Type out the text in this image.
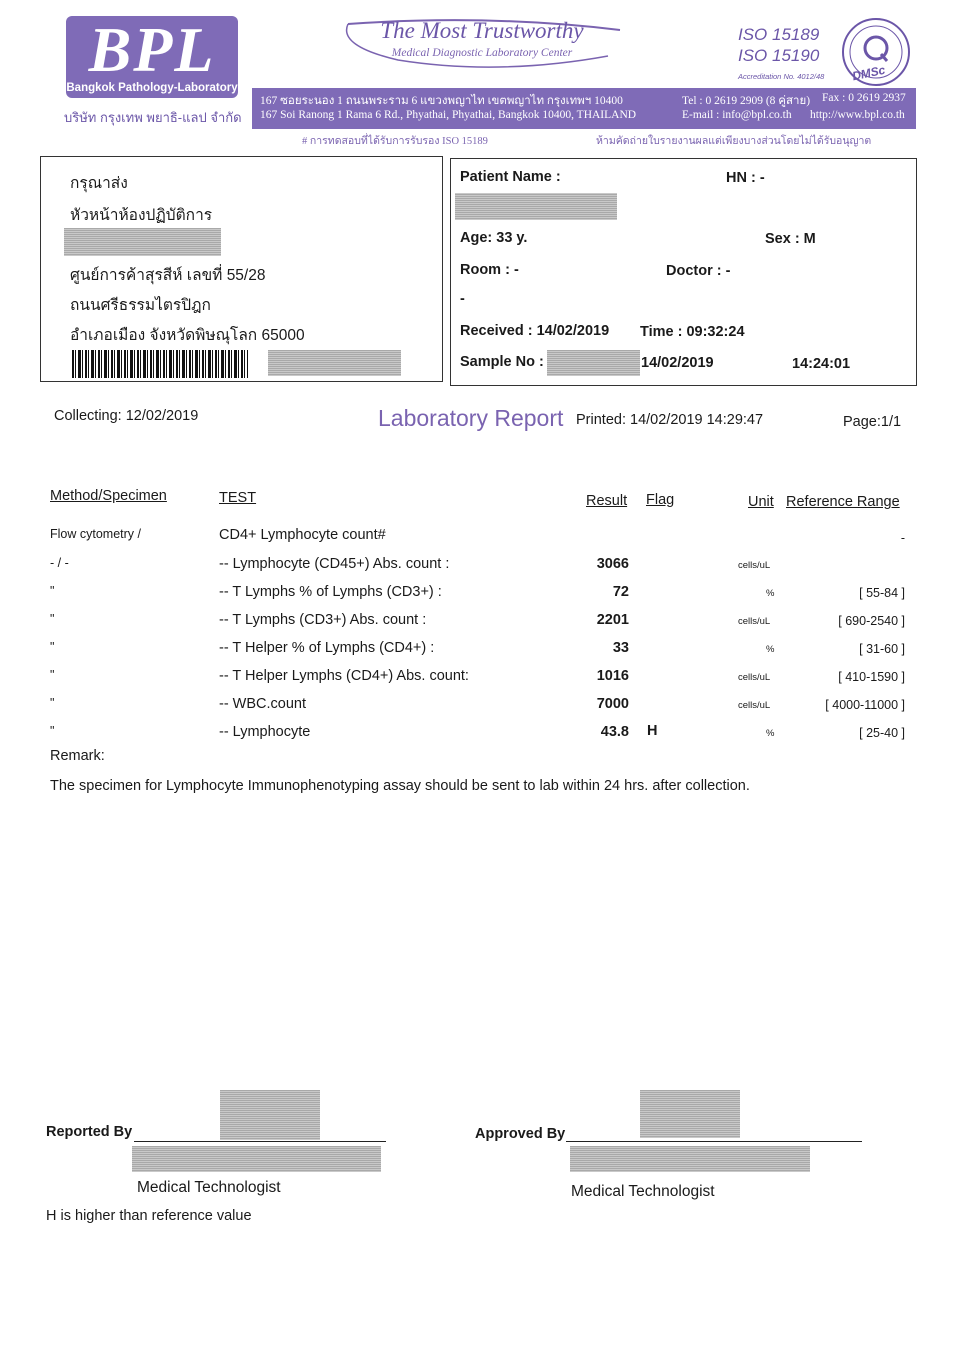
BPL
Bangkok Pathology-Laboratory
บริษัท กรุงเทพ พยาธิ-แลป จำกัด
The Most Trustworthy
Medical Diagnostic Laboratory Center
ISO 15189
ISO 15190
Accreditation No. 4012/48 DMSc
167 ซอยระนอง 1 ถนนพระราม 6 แขวงพญาไท เขตพญาไท กรุงเทพฯ 10400	Tel : 0 2619 2909 (8 คู่สาย) Fax : 0 2619 2937
167 Soi Ranong 1 Rama 6 Rd., Phyathai, Phyathai, Bangkok 10400, THAILAND	E-mail : info@bpl.co.th http://www.bpl.co.th
# การทดสอบที่ได้รับการรับรอง ISO 15189	ห้ามคัดถ่ายใบรายงานผลแต่เพียงบางส่วนโดยไม่ได้รับอนุญาต
กรุณาส่ง
หัวหน้าห้องปฏิบัติการ
ศูนย์การค้าสุรสีห์ เลขที่ 55/28
ถนนศรีธรรมไตรปิฎก
อำเภอเมือง จังหวัดพิษณุโลก 65000
Patient Name :	HN : -
Age: 33 y.	Sex : M
Room : -	Doctor : -
-
Received : 14/02/2019 Time : 09:32:24
Sample No :	14/02/2019	14:24:01
Collecting: 12/02/2019	Laboratory Report Printed: 14/02/2019 14:29:47	Page:1/1
Method/Specimen	TEST	Result Flag	Unit Reference Range
Flow cytometry /	CD4+ Lymphocyte count#	-
- / -	-- Lymphocyte (CD45+) Abs. count :	3066	cells/uL
"	-- T Lymphs % of Lymphs (CD3+) :	72	%	[ 55-84 ]
"	-- T Lymphs (CD3+) Abs. count :	2201	cells/uL	[ 690-2540 ]
"	-- T Helper % of Lymphs (CD4+) :	33	%	[ 31-60 ]
"	-- T Helper Lymphs (CD4+) Abs. count:	1016	cells/uL	[ 410-1590 ]
"	-- WBC.count	7000	cells/uL	[ 4000-11000 ]
"	-- Lymphocyte	43.8 H	%	[ 25-40 ]
Remark:
The specimen for Lymphocyte Immunophenotyping assay should be sent to lab within 24 hrs. after collection.
Reported By
Medical Technologist
Approved By
Medical Technologist
H is higher than reference value
